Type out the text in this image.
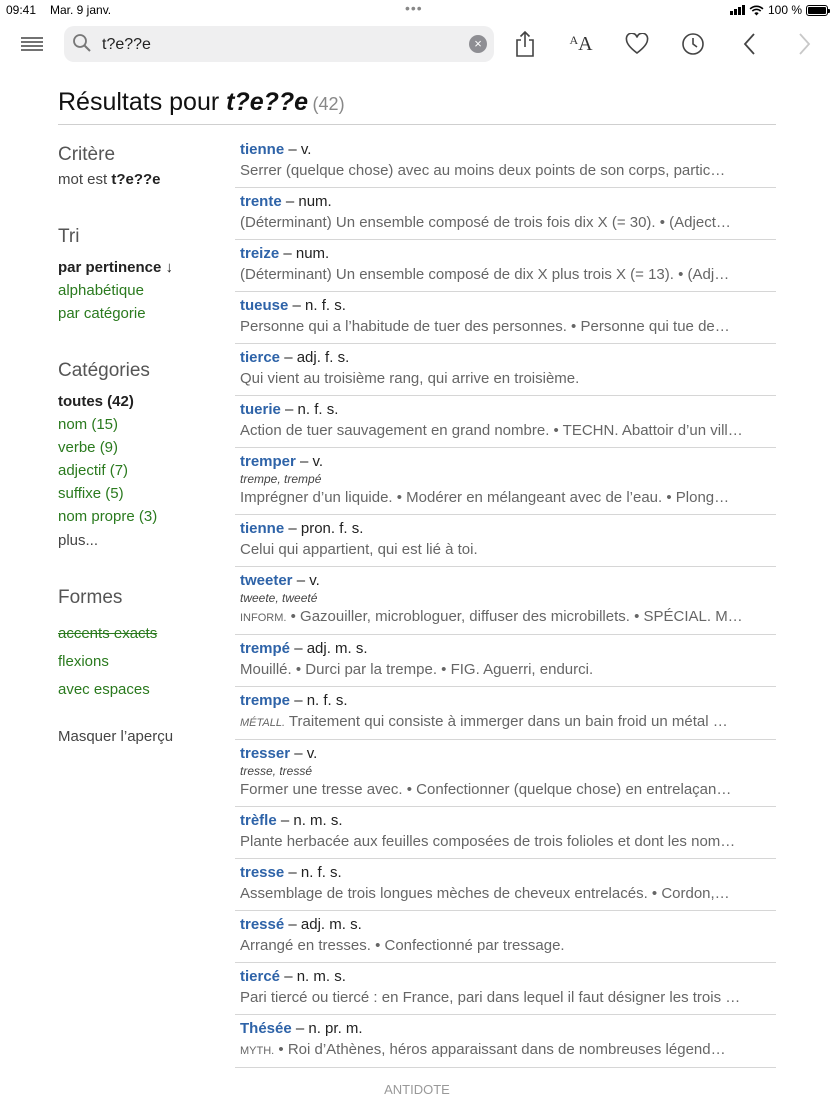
09:41 Mar. 9 janv.	•••	100 %
t?e??e	×	$^A$A
Résultats pour t?e??e (42)
Critère
mot est t?e??e
Tri
par pertinence ↓
alphabétique
par catégorie
Catégories
toutes (42)
nom (15)
verbe (9)
adjectif (7)
suffixe (5)
nom propre (3)
plus...
Formes
accents exacts
flexions
avec espaces
Masquer l’aperçu
tienne – v.
Serrer (quelque chose) avec au moins deux points de son corps, partic…
trente – num.
(Déterminant) Un ensemble composé de trois fois dix X (= 30). • (Adject…
treize – num.
(Déterminant) Un ensemble composé de dix X plus trois X (= 13). • (Adj…
tueuse – n. f. s.
Personne qui a l’habitude de tuer des personnes. • Personne qui tue de…
tierce – adj. f. s.
Qui vient au troisième rang, qui arrive en troisième.
tuerie – n. f. s.
Action de tuer sauvagement en grand nombre. • TECHN. Abattoir d’un vill…
tremper – v.
trempe, trempé
Imprégner d’un liquide. • Modérer en mélangeant avec de l’eau. • Plong…
tienne – pron. f. s.
Celui qui appartient, qui est lié à toi.
tweeter – v.
tweete, tweeté
INFORM. • Gazouiller, microbloguer, diffuser des microbillets. • SPÉCIAL. M…
trempé – adj. m. s.
Mouillé. • Durci par la trempe. • FIG. Aguerri, endurci.
trempe – n. f. s.
MÉTALL. Traitement qui consiste à immerger dans un bain froid un métal …
tresser – v.
tresse, tressé
Former une tresse avec. • Confectionner (quelque chose) en entrelaçan…
trèfle – n. m. s.
Plante herbacée aux feuilles composées de trois folioles et dont les nom…
tresse – n. f. s.
Assemblage de trois longues mèches de cheveux entrelacés. • Cordon,…
tressé – adj. m. s.
Arrangé en tresses. • Confectionné par tressage.
tiercé – n. m. s.
Pari tiercé ou tiercé : en France, pari dans lequel il faut désigner les trois …
Thésée – n. pr. m.
MYTH. • Roi d’Athènes, héros apparaissant dans de nombreuses légend…
ANTIDOTE
